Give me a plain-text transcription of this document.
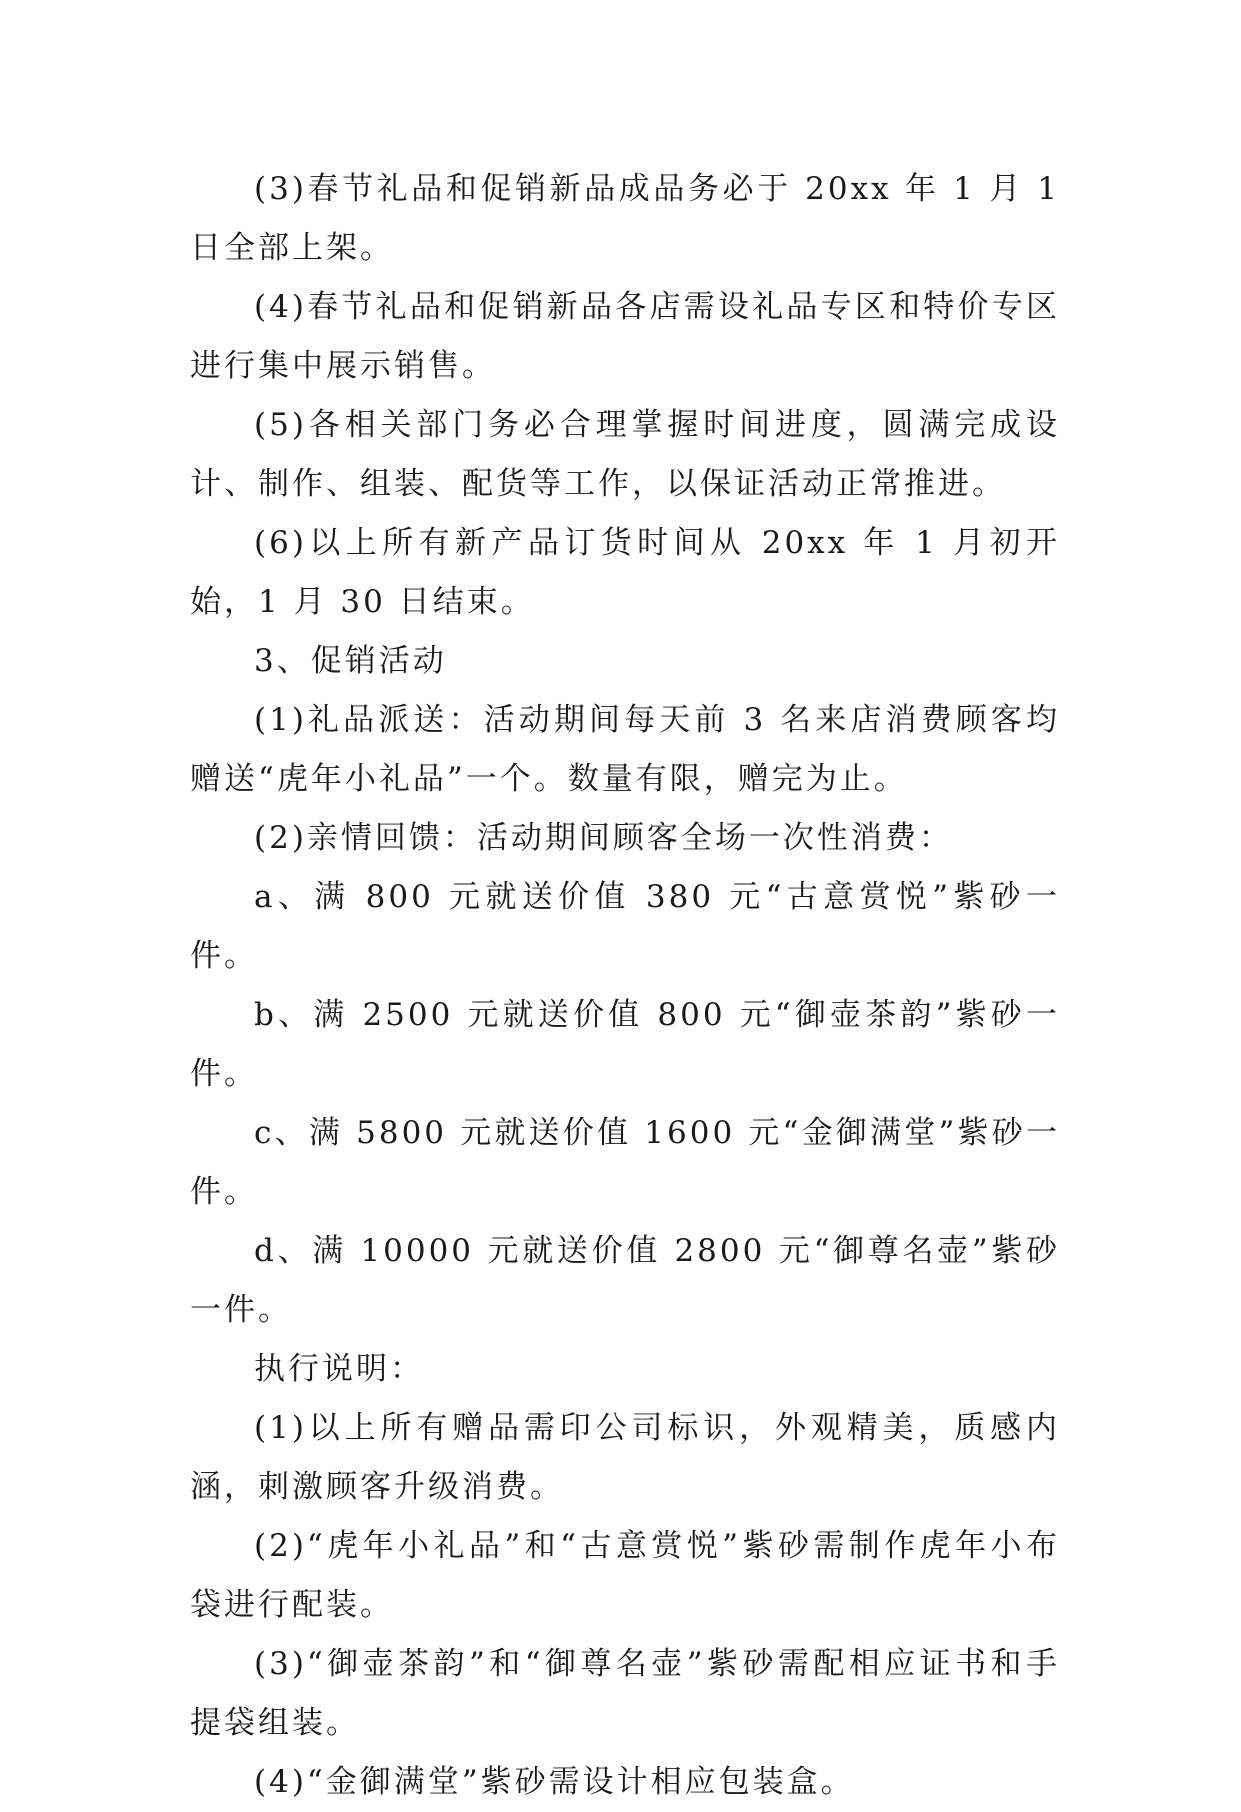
(3)春节礼品和促销新品成品务必于 20xx 年 1 月 1 日全部上架。

(4)春节礼品和促销新品各店需设礼品专区和特价专区进行集中展示销售。

(5)各相关部门务必合理掌握时间进度，圆满完成设计、制作、组装、配货等工作，以保证活动正常推进。

(6)以上所有新产品订货时间从 20xx 年 1 月初开始，1 月 30 日结束。

3、促销活动

(1)礼品派送：活动期间每天前 3 名来店消费顾客均赠送“虎年小礼品”一个。数量有限，赠完为止。

(2)亲情回馈：活动期间顾客全场一次性消费：

a、满 800 元就送价值 380 元“古意赏悦”紫砂一件。

b、满 2500 元就送价值 800 元“御壶茶韵”紫砂一件。

c、满 5800 元就送价值 1600 元“金御满堂”紫砂一件。

d、满 10000 元就送价值 2800 元“御尊名壶”紫砂一件。

执行说明：

(1)以上所有赠品需印公司标识，外观精美，质感内涵，刺激顾客升级消费。

(2)“虎年小礼品”和“古意赏悦”紫砂需制作虎年小布袋进行配装。

(3)“御壶茶韵”和“御尊名壶”紫砂需配相应证书和手提袋组装。

(4)“金御满堂”紫砂需设计相应包装盒。
